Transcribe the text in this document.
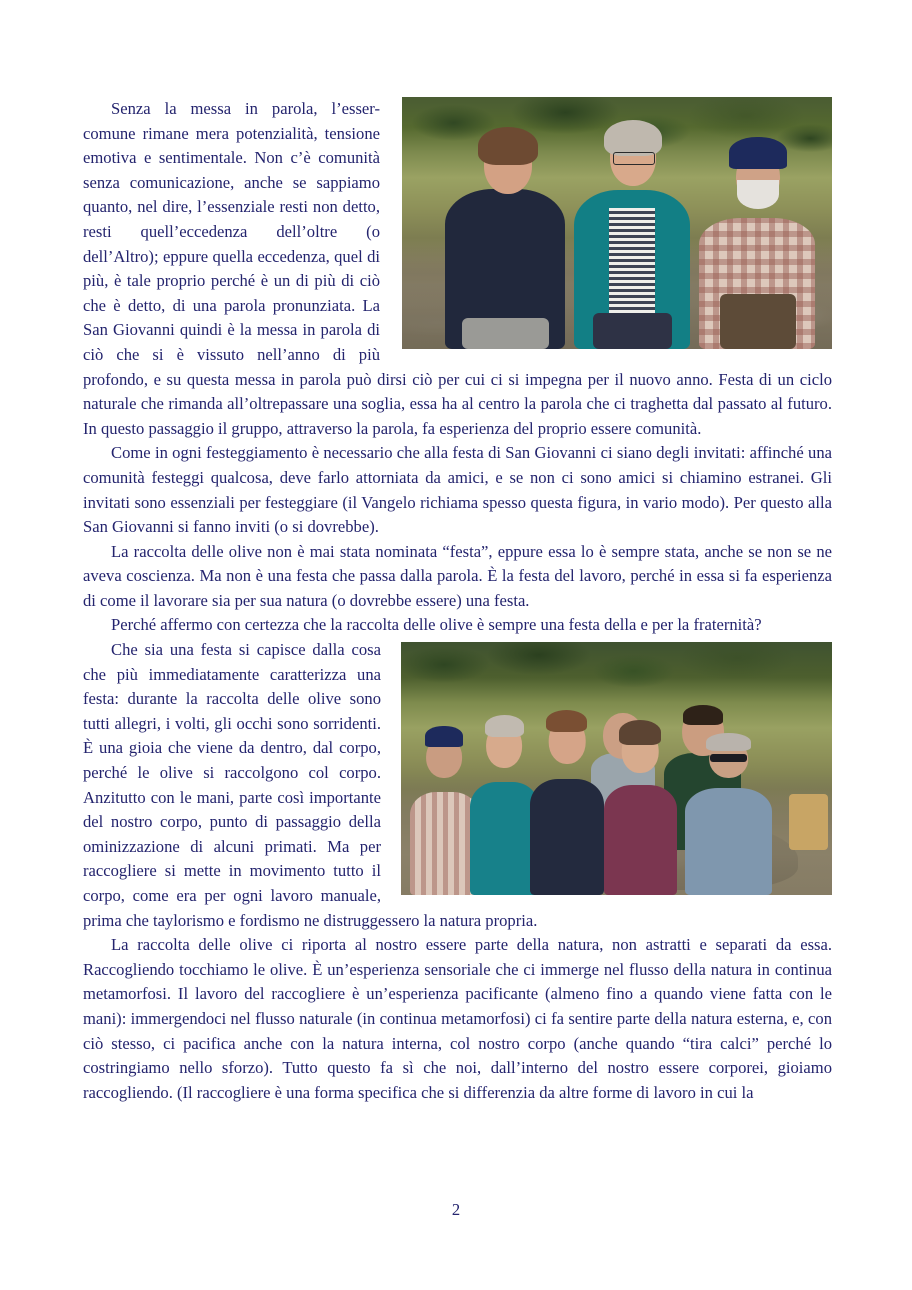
Senza la messa in parola, l’esser-comune rimane mera potenzialità, tensione emotiva e sentimentale. Non c’è comunità senza comunicazione, anche se sappiamo quanto, nel dire, l’essenziale resti non detto, resti quell’eccedenza dell’oltre (o dell’Altro); eppure quella eccedenza, quel di più, è tale proprio perché è un di più di ciò che è detto, di una parola pronunziata. La San Giovanni quindi è la messa in parola di ciò che si è vissuto nell’anno di più profondo, e su questa messa in parola può dirsi ciò per cui ci si impegna per il nuovo anno. Festa di un ciclo naturale che rimanda all’oltrepassare una soglia, essa ha al centro la parola che ci traghetta dal passato al futuro. In questo passaggio il gruppo, attraverso la parola, fa esperienza del proprio essere comunità.

Come in ogni festeggiamento è necessario che alla festa di San Giovanni ci siano degli invitati: affinché una comunità festeggi qualcosa, deve farlo attorniata da amici, e se non ci sono amici si chiamino estranei. Gli invitati sono essenziali per festeggiare (il Vangelo richiama spesso questa figura, in vario modo). Per questo alla San Giovanni si fanno inviti (o si dovrebbe).

La raccolta delle olive non è mai stata nominata “festa”, eppure essa lo è sempre stata, anche se non se ne aveva coscienza. Ma non è una festa che passa dalla parola. È la festa del lavoro, perché in essa si fa esperienza di come il lavorare sia per sua natura (o dovrebbe essere) una festa.

Perché affermo con certezza che la raccolta delle olive è sempre una festa della e per la fraternità?

Che sia una festa si capisce dalla cosa che più immediatamente caratterizza una festa: durante la raccolta delle olive sono tutti allegri, i volti, gli occhi sono sorridenti. È una gioia che viene da dentro, dal corpo, perché le olive si raccolgono col corpo. Anzitutto con le mani, parte così importante del nostro corpo, punto di passaggio della ominizzazione di alcuni primati. Ma per raccogliere si mette in movimento tutto il corpo, come era per ogni lavoro manuale, prima che taylorismo e fordismo ne distruggessero la natura propria.

La raccolta delle olive ci riporta al nostro essere parte della natura, non astratti e separati da essa. Raccogliendo tocchiamo le olive. È un’esperienza sensoriale che ci immerge nel flusso della natura in continua metamorfosi. Il lavoro del raccogliere è un’esperienza pacificante (almeno fino a quando viene fatta con le mani): immergendoci nel flusso naturale (in continua metamorfosi) ci fa sentire parte della natura esterna, e, con ciò stesso, ci pacifica anche con la natura interna, col nostro corpo (anche quando “tira calci” perché lo costringiamo nello sforzo). Tutto questo fa sì che noi, dall’interno del nostro essere corporei, gioiamo raccogliendo. (Il raccogliere è una forma specifica che si differenzia da altre forme di lavoro in cui la

2
